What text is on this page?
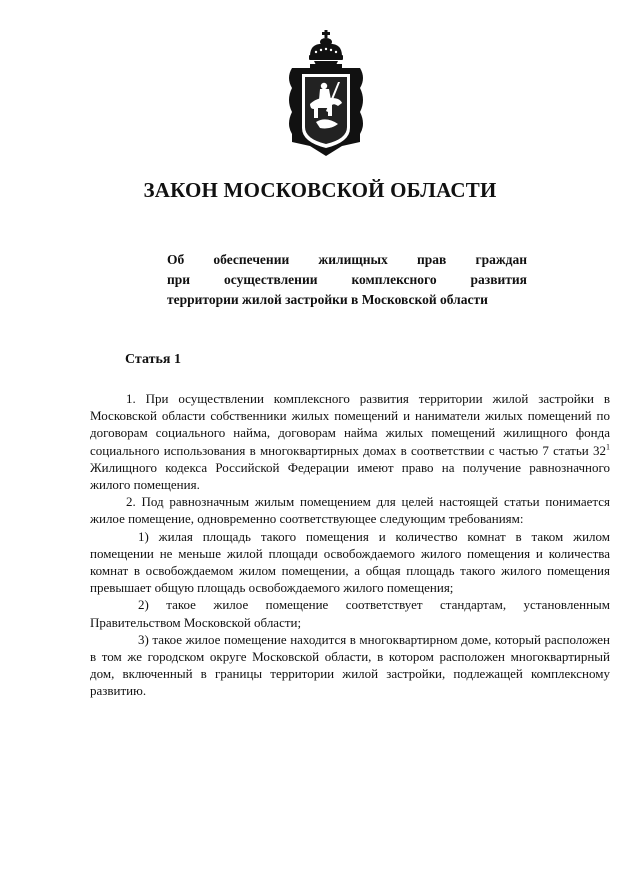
ЗАКОН МОСКОВСКОЙ ОБЛАСТИ
Об обеспечении жилищных прав граждан
при осуществлении комплексного развития
территории жилой застройки в Московской области
Статья 1

1. При осуществлении комплексного развития территории жилой застройки в Московской области собственники жилых помещений и наниматели жилых помещений по договорам социального найма, договорам найма жилых помещений жилищного фонда социального использования в многоквартирных домах в соответствии с частью 7 статьи $32^1$ Жилищного кодекса Российской Федерации имеют право на получение равнозначного жилого помещения.

2. Под равнозначным жилым помещением для целей настоящей статьи понимается жилое помещение, одновременно соответствующее следующим требованиям:

1) жилая площадь такого помещения и количество комнат в таком жилом помещении не меньше жилой площади освобождаемого жилого помещения и количества комнат в освобождаемом жилом помещении, а общая площадь такого жилого помещения превышает общую площадь освобождаемого жилого помещения;

2) такое жилое помещение соответствует стандартам, установленным Правительством Московской области;

3) такое жилое помещение находится в многоквартирном доме, который расположен в том же городском округе Московской области, в котором расположен многоквартирный дом, включенный в границы территории жилой застройки, подлежащей комплексному развитию.
